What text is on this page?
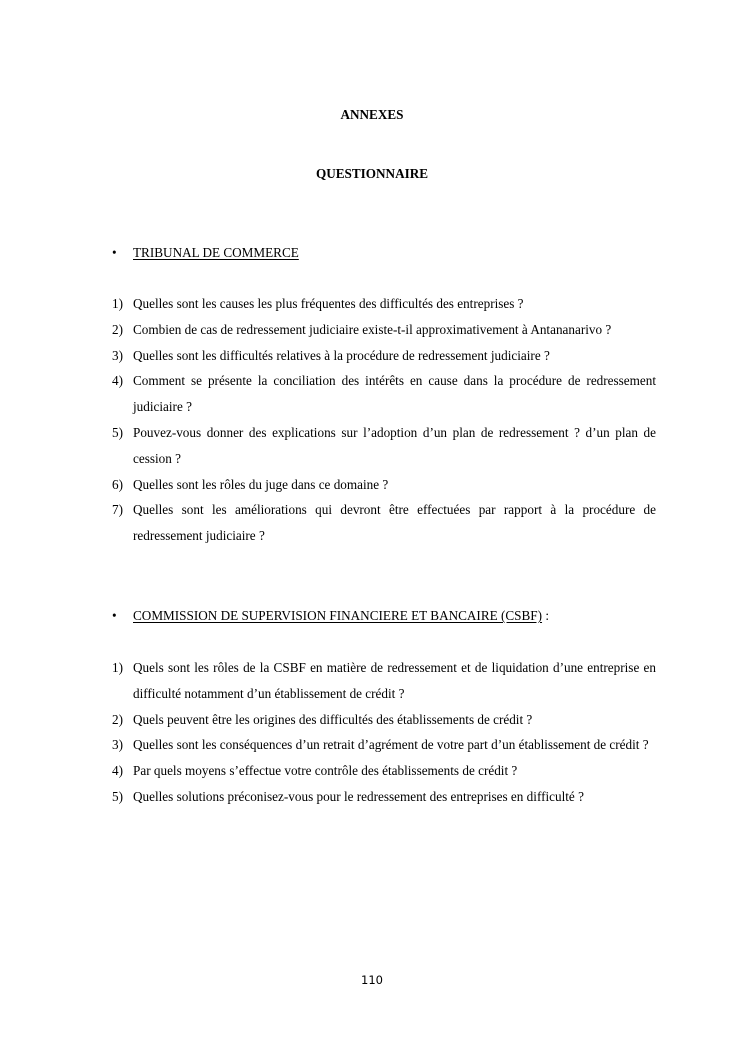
ANNEXES
QUESTIONNAIRE
• TRIBUNAL DE COMMERCE
1) Quelles sont les causes les plus fréquentes des difficultés des entreprises ?
2) Combien de cas de redressement judiciaire existe-t-il approximativement à Antananarivo ?
3) Quelles sont les difficultés relatives à la procédure de redressement judiciaire ?
4) Comment se présente la conciliation des intérêts en cause dans la procédure de redressement judiciaire ?
5) Pouvez-vous donner des explications sur l’adoption d’un plan de redressement ? d’un plan de cession ?
6) Quelles sont les rôles du juge dans ce domaine ?
7) Quelles sont les améliorations qui devront être effectuées par rapport à la procédure de redressement judiciaire ?
• COMMISSION DE SUPERVISION FINANCIERE ET BANCAIRE (CSBF) :
1) Quels sont les rôles de la CSBF en matière de redressement et de liquidation d’une entreprise en difficulté notamment d’un établissement de crédit ?
2) Quels peuvent être les origines des difficultés des établissements de crédit ?
3) Quelles sont les conséquences d’un retrait d’agrément de votre part d’un établissement de crédit ?
4) Par quels moyens s’effectue votre contrôle des établissements de crédit ?
5) Quelles solutions préconisez-vous pour le redressement des entreprises en difficulté ?
110
